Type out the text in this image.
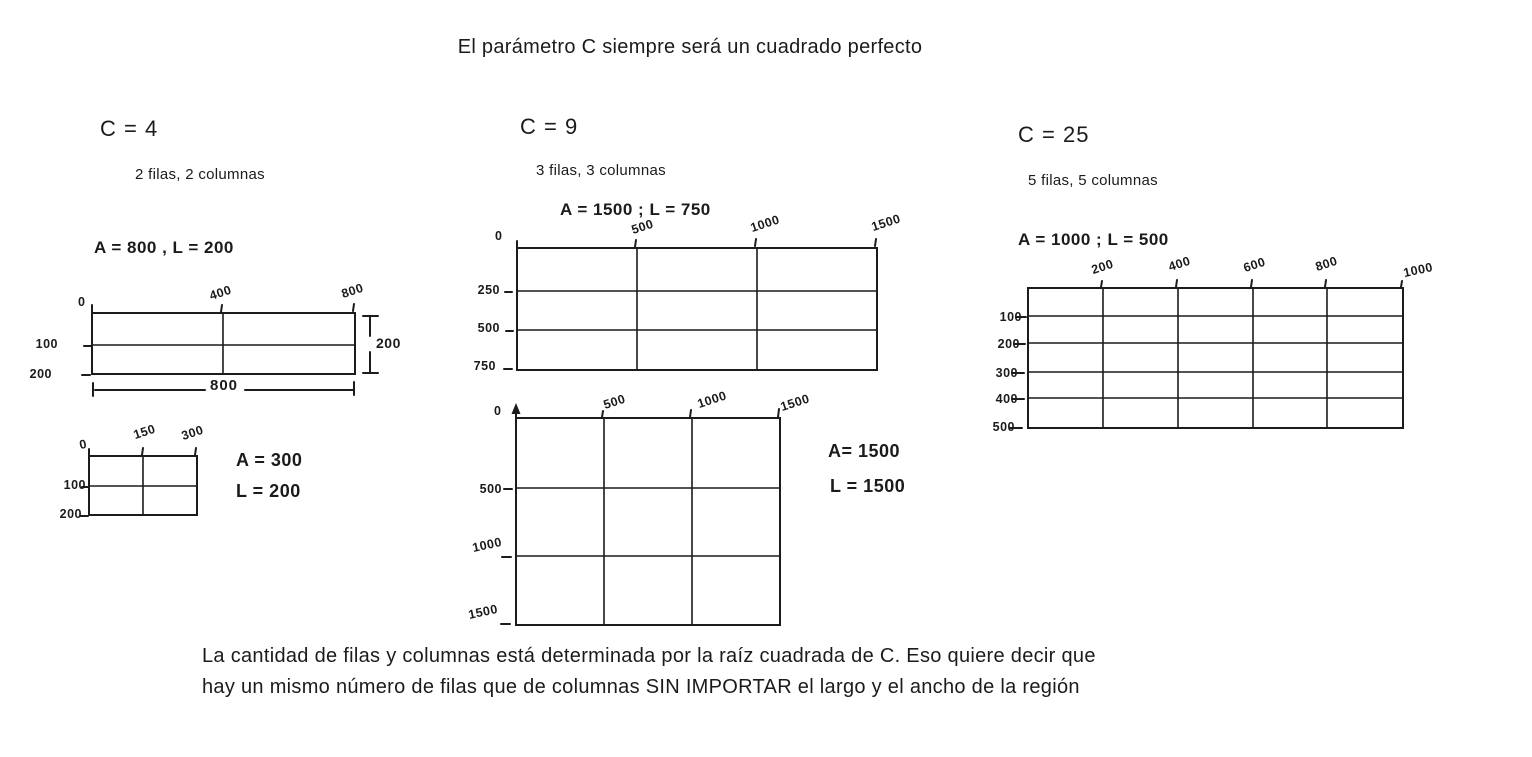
El parámetro C siempre será un cuadrado perfecto
C = 4
2 filas, 2 columnas
A = 800 , L = 200
0	400	800
100
200
200
800
0
150 300
100
200
A = 300
L = 200
C = 9
3 filas, 3 columnas
A = 1500 ; L = 750
0	500	1000	1500
250
500
750
0	500	1000	1500
500
1000
1500
A= 1500
L = 1500
C = 25
5 filas, 5 columnas
A = 1000 ; L = 500
200	400	600	800	1000
100
200
300
400
500
La cantidad de filas y columnas está determinada por la raíz cuadrada de C. Eso quiere decir que
hay un mismo número de filas que de columnas SIN IMPORTAR el largo y el ancho de la región
